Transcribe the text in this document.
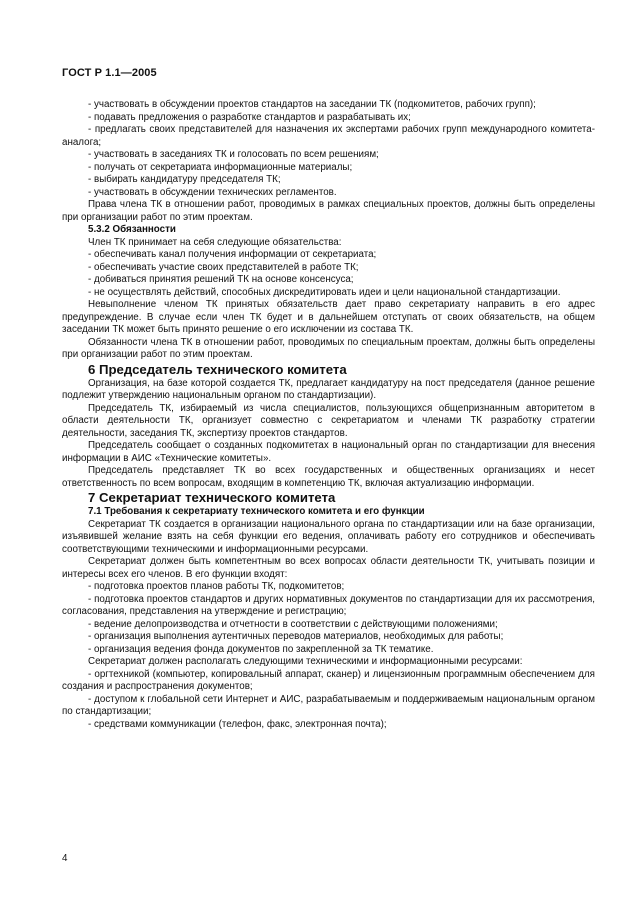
ГОСТ Р 1.1—2005

- участвовать в обсуждении проектов стандартов на заседании ТК (подкомитетов, рабочих групп);

- подавать предложения о разработке стандартов и разрабатывать их;

- предлагать своих представителей для назначения их экспертами рабочих групп международного комитета-аналога;

- участвовать в заседаниях ТК и голосовать по всем решениям;

- получать от секретариата информационные материалы;

- выбирать кандидатуру председателя ТК;

- участвовать в обсуждении технических регламентов.

Права члена ТК в отношении работ, проводимых в рамках специальных проектов, должны быть определены при организации работ по этим проектам.

5.3.2 Обязанности

Член ТК принимает на себя следующие обязательства:

- обеспечивать канал получения информации от секретариата;

- обеспечивать участие своих представителей в работе ТК;

- добиваться принятия решений ТК на основе консенсуса;

- не осуществлять действий, способных дискредитировать идеи и цели национальной стандартизации.

Невыполнение членом ТК принятых обязательств дает право секретариату направить в его адрес предупреждение. В случае если член ТК будет и в дальнейшем отступать от своих обязательств, на общем заседании ТК может быть принято решение о его исключении из состава ТК.

Обязанности члена ТК в отношении работ, проводимых по специальным проектам, должны быть определены при организации работ по этим проектам.

6 Председатель технического комитета

Организация, на базе которой создается ТК, предлагает кандидатуру на пост председателя (данное решение подлежит утверждению национальным органом по стандартизации).

Председатель ТК, избираемый из числа специалистов, пользующихся общепризнанным авторитетом в области деятельности ТК, организует совместно с секретариатом и членами ТК разработку стратегии деятельности, заседания ТК, экспертизу проектов стандартов.

Председатель сообщает о созданных подкомитетах в национальный орган по стандартизации для внесения информации в АИС «Технические комитеты».

Председатель представляет ТК во всех государственных и общественных организациях и несет ответственность по всем вопросам, входящим в компетенцию ТК, включая актуализацию информации.

7 Секретариат технического комитета

7.1 Требования к секретариату технического комитета и его функции

Секретариат ТК создается в организации национального органа по стандартизации или на базе организации, изъявившей желание взять на себя функции его ведения, оплачивать работу его сотрудников и обеспечивать соответствующими техническими и информационными ресурсами.

Секретариат должен быть компетентным во всех вопросах области деятельности ТК, учитывать позиции и интересы всех его членов. В его функции входят:

- подготовка проектов планов работы ТК, подкомитетов;

- подготовка проектов стандартов и других нормативных документов по стандартизации для их рассмотрения, согласования, представления на утверждение и регистрацию;

- ведение делопроизводства и отчетности в соответствии с действующими положениями;

- организация выполнения аутентичных переводов материалов, необходимых для работы;

- организация ведения фонда документов по закрепленной за ТК тематике.

Секретариат должен располагать следующими техническими и информационными ресурсами:

- оргтехникой (компьютер, копировальный аппарат, сканер) и лицензионным программным обеспечением для создания и распространения документов;

- доступом к глобальной сети Интернет и АИС, разрабатываемым и поддерживаемым национальным органом по стандартизации;

- средствами коммуникации (телефон, факс, электронная почта);

4
